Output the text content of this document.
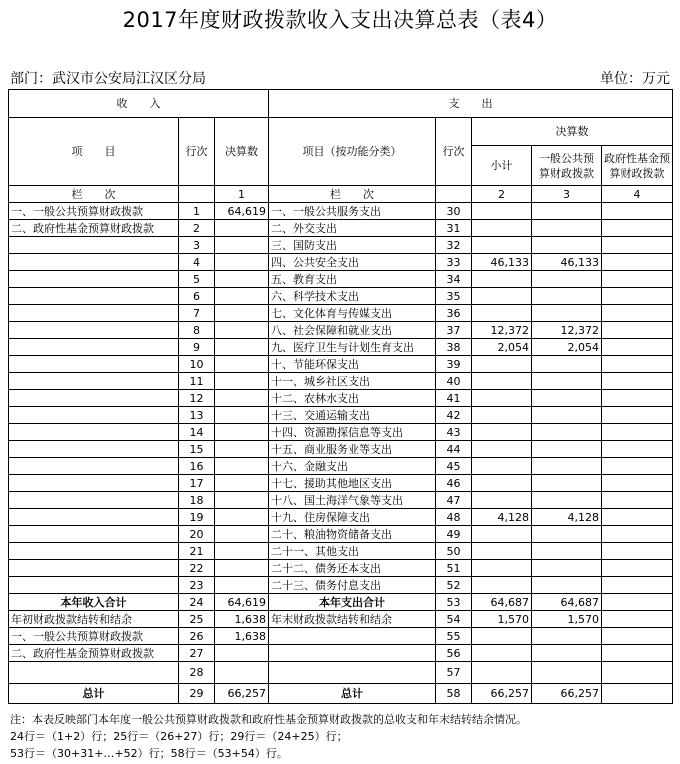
2017年度财政拨款收入支出决算总表（表4）
部门：武汉市公安局江汉区分局	单位：万元
收　　入			支　　出				
项　　目	行次	决算数	项目（按功能分类）	行次	决算数		
					小计	一般公共预算财政拨款	政府性基金预算财政拨款
栏　　次		1	栏　　次		2	3	4
一、一般公共预算财政拨款	1	64,619	一、一般公共服务支出	30			
二、政府性基金预算财政拨款	2		二、外交支出	31			
	3		三、国防支出	32			
	4		四、公共安全支出	33	46,133	46,133	
	5		五、教育支出	34			
	6		六、科学技术支出	35			
	7		七、文化体育与传媒支出	36			
	8		八、社会保障和就业支出	37	12,372	12,372	
	9		九、医疗卫生与计划生育支出	38	2,054	2,054	
	10		十、节能环保支出	39			
	11		十一、城乡社区支出	40			
	12		十二、农林水支出	41			
	13		十三、交通运输支出	42			
	14		十四、资源勘探信息等支出	43			
	15		十五、商业服务业等支出	44			
	16		十六、金融支出	45			
	17		十七、援助其他地区支出	46			
	18		十八、国土海洋气象等支出	47			
	19		十九、住房保障支出	48	4,128	4,128	
	20		二十、粮油物资储备支出	49			
	21		二十一、其他支出	50			
	22		二十二、债务还本支出	51			
	23		二十三、债务付息支出	52			
本年收入合计	24	64,619	本年支出合计	53	64,687	64,687	
年初财政拨款结转和结余	25	1,638	年末财政拨款结转和结余	54	1,570	1,570	
一、一般公共预算财政拨款	26	1,638		55			
二、政府性基金预算财政拨款	27			56			
	28			57			
总计	29	66,257	总计	58	66,257	66,257	
注：本表反映部门本年度一般公共预算财政拨款和政府性基金预算财政拨款的总收支和年末结转结余情况。
24行＝（1+2）行；25行＝（26+27）行；29行＝（24+25）行；
53行＝（30+31+…+52）行；58行＝（53+54）行。
